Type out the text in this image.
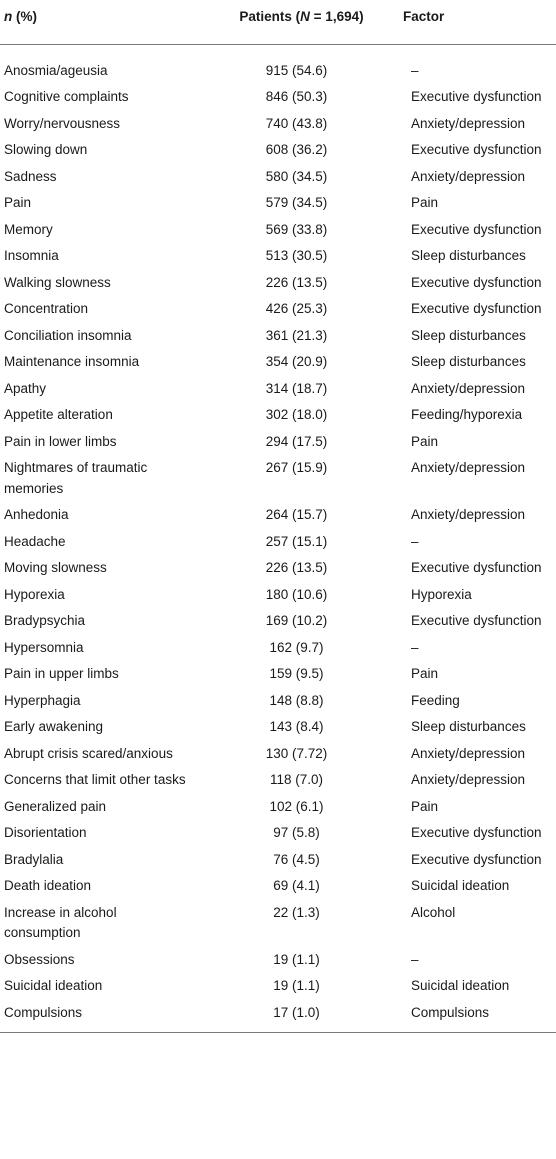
n (%)	Patients (N = 1,694)	Factor
Anosmia/ageusia	915 (54.6)	–
Cognitive complaints	846 (50.3)	Executive dysfunction
Worry/nervousness	740 (43.8)	Anxiety/depression
Slowing down	608 (36.2)	Executive dysfunction
Sadness	580 (34.5)	Anxiety/depression
Pain	579 (34.5)	Pain
Memory	569 (33.8)	Executive dysfunction
Insomnia	513 (30.5)	Sleep disturbances
Walking slowness	226 (13.5)	Executive dysfunction
Concentration	426 (25.3)	Executive dysfunction
Conciliation insomnia	361 (21.3)	Sleep disturbances
Maintenance insomnia	354 (20.9)	Sleep disturbances
Apathy	314 (18.7)	Anxiety/depression
Appetite alteration	302 (18.0)	Feeding/hyporexia
Pain in lower limbs	294 (17.5)	Pain
Nightmares of traumatic memories	267 (15.9)	Anxiety/depression
Anhedonia	264 (15.7)	Anxiety/depression
Headache	257 (15.1)	–
Moving slowness	226 (13.5)	Executive dysfunction
Hyporexia	180 (10.6)	Hyporexia
Bradypsychia	169 (10.2)	Executive dysfunction
Hypersomnia	162 (9.7)	–
Pain in upper limbs	159 (9.5)	Pain
Hyperphagia	148 (8.8)	Feeding
Early awakening	143 (8.4)	Sleep disturbances
Abrupt crisis scared/anxious	130 (7.72)	Anxiety/depression
Concerns that limit other tasks	118 (7.0)	Anxiety/depression
Generalized pain	102 (6.1)	Pain
Disorientation	97 (5.8)	Executive dysfunction
Bradylalia	76 (4.5)	Executive dysfunction
Death ideation	69 (4.1)	Suicidal ideation
Increase in alcohol consumption	22 (1.3)	Alcohol
Obsessions	19 (1.1)	–
Suicidal ideation	19 (1.1)	Suicidal ideation
Compulsions	17 (1.0)	Compulsions
